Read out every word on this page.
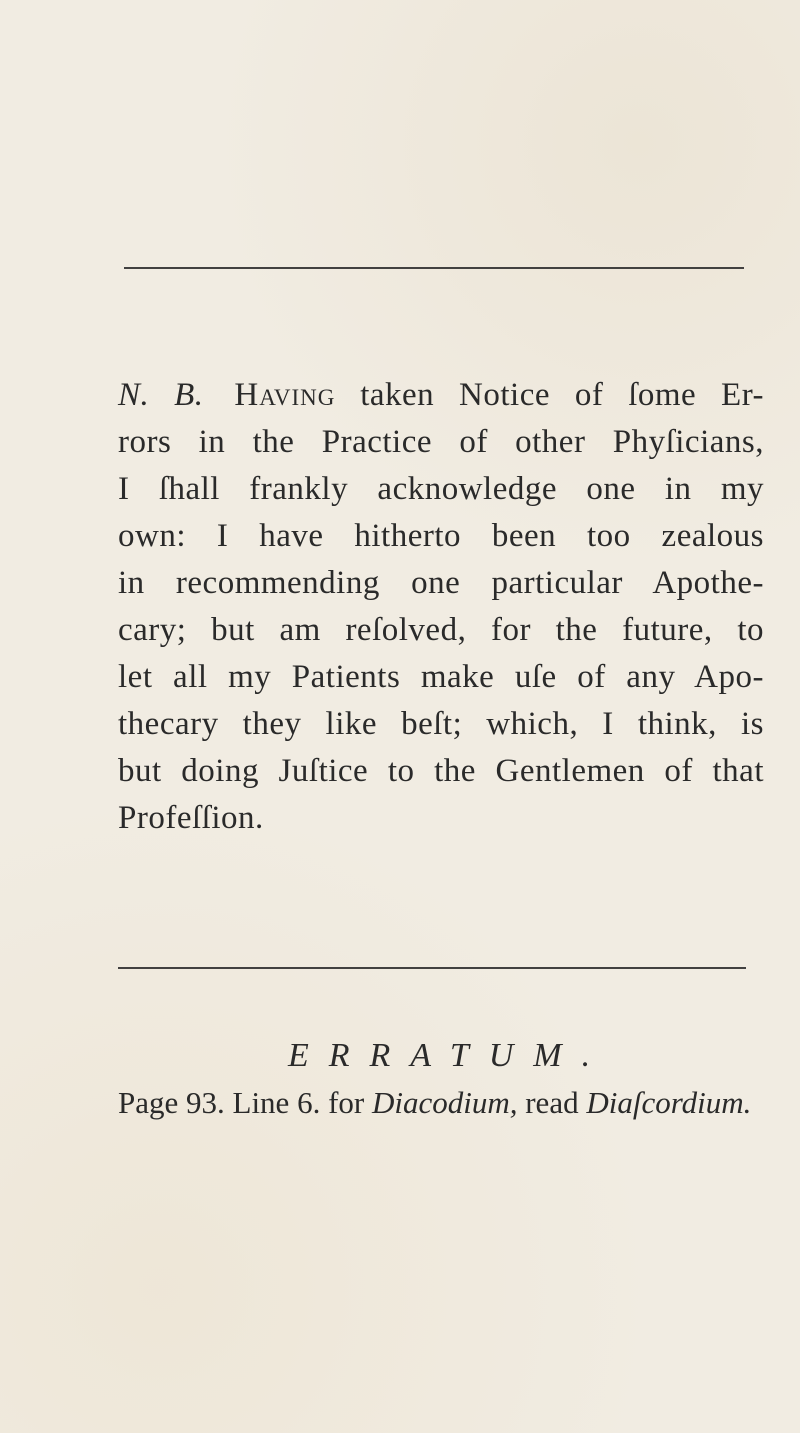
N. B. Having taken Notice of ſome Er-
rors in the Practice of other Phyſicians,
I ſhall frankly acknowledge one in my
own: I have hitherto been too zealous
in recommending one particular Apothe-
cary; but am reſolved, for the future, to
let all my Patients make uſe of any Apo-
thecary they like beſt; which, I think, is
but doing Juſtice to the Gentlemen of that
Profeſſion.
ERRATUM.
Page 93. Line 6. for Diacodium, read Diaſcordium.
